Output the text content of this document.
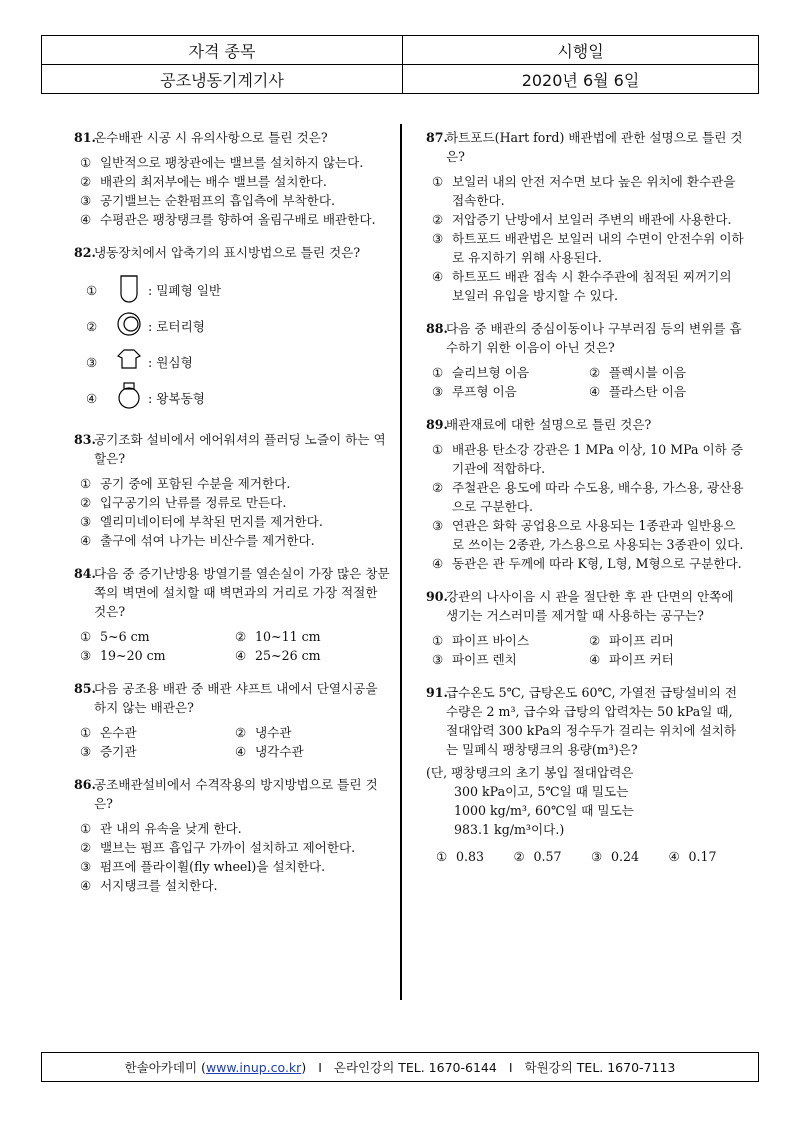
자격 종목	시행일
공조냉동기계기사	2020년 6월 6일
81.
온수배관 시공 시 유의사항으로 틀린 것은?
① 일반적으로 팽창관에는 밸브를 설치하지 않는다.
② 배관의 최저부에는 배수 밸브를 설치한다.
③ 공기밸브는 순환펌프의 흡입측에 부착한다.
④ 수평관은 팽창탱크를 향하여 올림구배로 배관한다.
82.
냉동장치에서 압축기의 표시방법으로 틀린 것은?
①	: 밀폐형 일반
②	: 로터리형
③	: 원심형
④	: 왕복동형
83.
공기조화 설비에서 에어워셔의 플러딩 노즐이 하는 역할은?
① 공기 중에 포함된 수분을 제거한다.
② 입구공기의 난류를 정류로 만든다.
③ 엘리미네이터에 부착된 먼지를 제거한다.
④ 출구에 섞여 나가는 비산수를 제거한다.
84.
다음 중 증기난방용 방열기를 열손실이 가장 많은 창문 쪽의 벽면에 설치할 때 벽면과의 거리로 가장 적절한 것은?
① 5~6 cm	② 10~11 cm
③ 19~20 cm	④ 25~26 cm
85.
다음 공조용 배관 중 배관 샤프트 내에서 단열시공을 하지 않는 배관은?
① 온수관	② 냉수관
③ 증기관	④ 냉각수관
86.
공조배관설비에서 수격작용의 방지방법으로 틀린 것은?
① 관 내의 유속을 낮게 한다.
② 밸브는 펌프 흡입구 가까이 설치하고 제어한다.
③ 펌프에 플라이휠(fly wheel)을 설치한다.
④ 서지탱크를 설치한다.
87.
하트포드(Hart ford) 배관법에 관한 설명으로 틀린 것은?
① 보일러 내의 안전 저수면 보다 높은 위치에 환수관을 접속한다.
② 저압증기 난방에서 보일러 주변의 배관에 사용한다.
③ 하트포드 배관법은 보일러 내의 수면이 안전수위 이하로 유지하기 위해 사용된다.
④ 하트포드 배관 접속 시 환수주관에 침적된 찌꺼기의 보일러 유입을 방지할 수 있다.
88.
다음 중 배관의 중심이동이나 구부러짐 등의 변위를 흡수하기 위한 이음이 아닌 것은?
① 슬리브형 이음	② 플렉시블 이음
③ 루프형 이음	④ 플라스탄 이음
89.
배관재료에 대한 설명으로 틀린 것은?
① 배관용 탄소강 강관은 1 MPa 이상, 10 MPa 이하 증기관에 적합하다.
② 주철관은 용도에 따라 수도용, 배수용, 가스용, 광산용으로 구분한다.
③ 연관은 화학 공업용으로 사용되는 1종관과 일반용으로 쓰이는 2종관, 가스용으로 사용되는 3종관이 있다.
④ 동관은 관 두께에 따라 K형, L형, M형으로 구분한다.
90.
강관의 나사이음 시 관을 절단한 후 관 단면의 안쪽에 생기는 거스러미를 제거할 때 사용하는 공구는?
① 파이프 바이스	② 파이프 리머
③ 파이프 렌치	④ 파이프 커터
91.
급수온도 5℃, 급탕온도 60℃, 가열전 급탕설비의 전수량은 2 m³, 급수와 급탕의 압력차는 50 kPa일 때, 절대압력 300 kPa의 정수두가 걸리는 위치에 설치하는 밀폐식 팽창탱크의 용량(m³)은?
(단, 팽창탱크의 초기 봉입 절대압력은
300 kPa이고, 5℃일 때 밀도는
1000 kg/m³, 60℃일 때 밀도는
983.1 kg/m³이다.)
① 0.83	② 0.57	③ 0.24	④ 0.17
한솔아카데미 ( www.inup.co.kr ) I 온라인강의 TEL. 1670-6144 I 학원강의 TEL. 1670-7113
